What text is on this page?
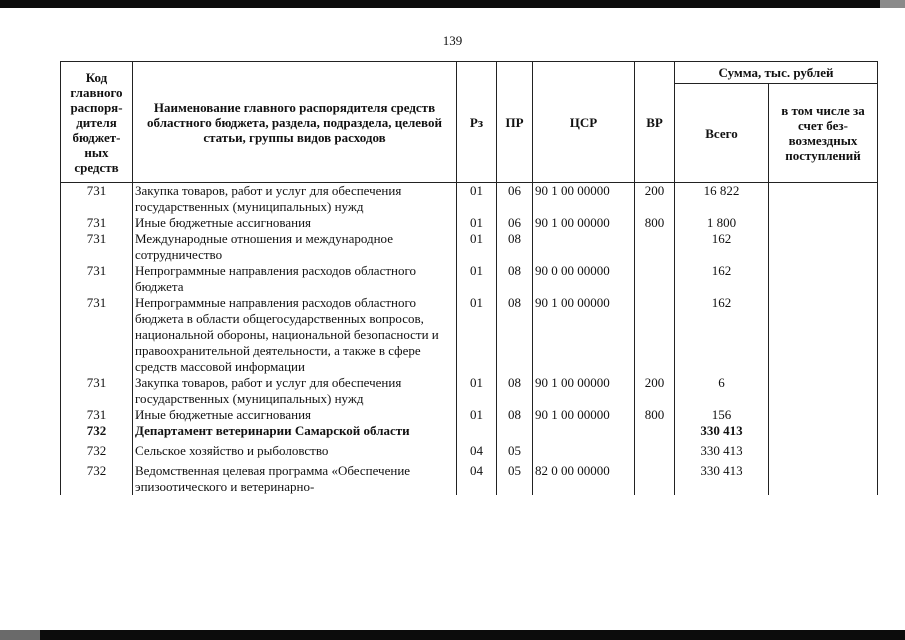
139
Код главного распоря-дителя бюджет-ных средств	Наименование главного распорядителя средств областного бюджета, раздела, подраздела, целевой статьи, группы видов расходов	Рз	ПР	ЦСР	ВР	Сумма, тыс. рублей	
						Всего	в том числе за счет без-возмездных поступлений
731	Закупка товаров, работ и услуг для обеспечения государственных (муниципальных) нужд	01	06	90 1 00 00000	200	16 822	
731	Иные бюджетные ассигнования	01	06	90 1 00 00000	800	1 800	
731	Международные отношения и международное сотрудничество	01	08			162	
731	Непрограммные направления расходов областного бюджета	01	08	90 0 00 00000		162	
731	Непрограммные направления расходов областного бюджета в области общегосударственных вопросов, национальной обороны, национальной безопасности и правоохранительной деятельности, а также в сфере средств массовой информации	01	08	90 1 00 00000		162	
731	Закупка товаров, работ и услуг для обеспечения государственных (муниципальных) нужд	01	08	90 1 00 00000	200	6	
731	Иные бюджетные ассигнования	01	08	90 1 00 00000	800	156	
732	Департамент ветеринарии Самарской области					330 413	
732	Сельское хозяйство и рыболовство	04	05			330 413	
732	Ведомственная целевая программа «Обеспечение эпизоотического и ветеринарно-	04	05	82 0 00 00000		330 413	
